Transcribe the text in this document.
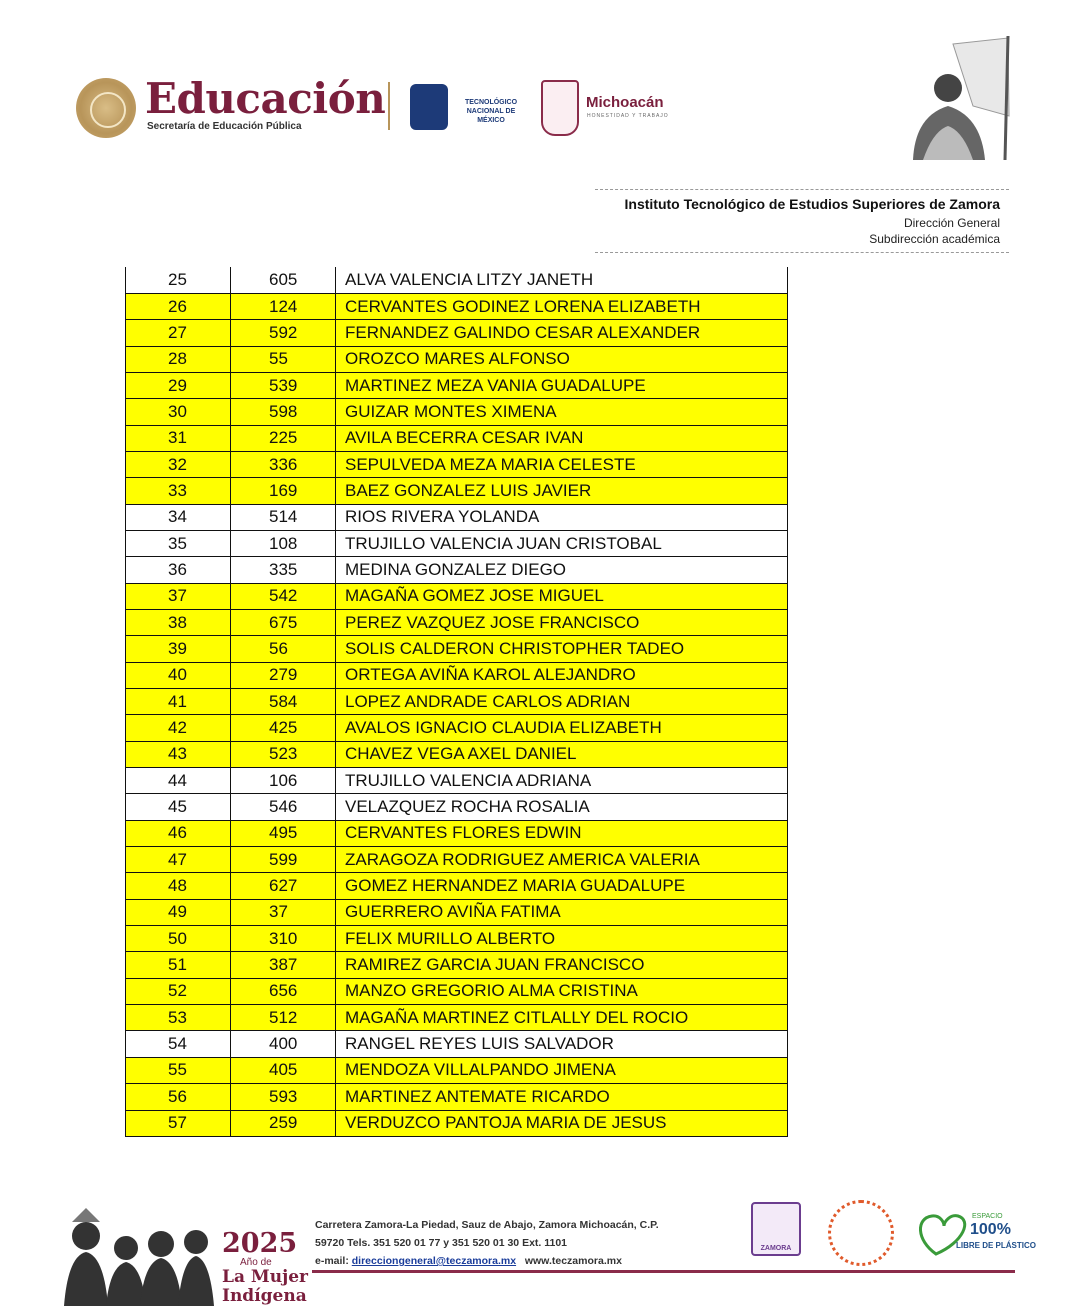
Educación
Secretaría de Educación Pública
TECNOLÓGICO NACIONAL DE MÉXICO
Michoacán
HONESTIDAD Y TRABAJO
Instituto Tecnológico de Estudios Superiores de Zamora
Dirección General
Subdirección académica
25	605	ALVA VALENCIA LITZY JANETH
26	124	CERVANTES GODINEZ LORENA ELIZABETH
27	592	FERNANDEZ GALINDO CESAR ALEXANDER
28	55	OROZCO MARES ALFONSO
29	539	MARTINEZ MEZA VANIA GUADALUPE
30	598	GUIZAR MONTES XIMENA
31	225	AVILA BECERRA CESAR IVAN
32	336	SEPULVEDA MEZA MARIA CELESTE
33	169	BAEZ GONZALEZ LUIS JAVIER
34	514	RIOS RIVERA YOLANDA
35	108	TRUJILLO VALENCIA JUAN CRISTOBAL
36	335	MEDINA GONZALEZ DIEGO
37	542	MAGAÑA GOMEZ JOSE MIGUEL
38	675	PEREZ VAZQUEZ JOSE FRANCISCO
39	56	SOLIS CALDERON CHRISTOPHER TADEO
40	279	ORTEGA AVIÑA KAROL ALEJANDRO
41	584	LOPEZ ANDRADE CARLOS ADRIAN
42	425	AVALOS IGNACIO CLAUDIA ELIZABETH
43	523	CHAVEZ VEGA AXEL DANIEL
44	106	TRUJILLO VALENCIA ADRIANA
45	546	VELAZQUEZ ROCHA ROSALIA
46	495	CERVANTES FLORES EDWIN
47	599	ZARAGOZA RODRIGUEZ AMERICA VALERIA
48	627	GOMEZ HERNANDEZ MARIA GUADALUPE
49	37	GUERRERO AVIÑA FATIMA
50	310	FELIX MURILLO ALBERTO
51	387	RAMIREZ GARCIA JUAN FRANCISCO
52	656	MANZO GREGORIO ALMA CRISTINA
53	512	MAGAÑA MARTINEZ CITLALLY DEL ROCIO
54	400	RANGEL REYES LUIS SALVADOR
55	405	MENDOZA VILLALPANDO JIMENA
56	593	MARTINEZ ANTEMATE RICARDO
57	259	VERDUZCO PANTOJA MARIA DE JESUS
2025
Año de
La Mujer
Indígena
Carretera Zamora-La Piedad, Sauz de Abajo, Zamora Michoacán, C.P.
59720 Tels. 351 520 01 77 y 351 520 01 30 Ext. 1101
e-mail: direcciongeneral@teczamora.mx www.teczamora.mx
ZAMORA
ESPACIO
100%
LIBRE DE PLÁSTICO
